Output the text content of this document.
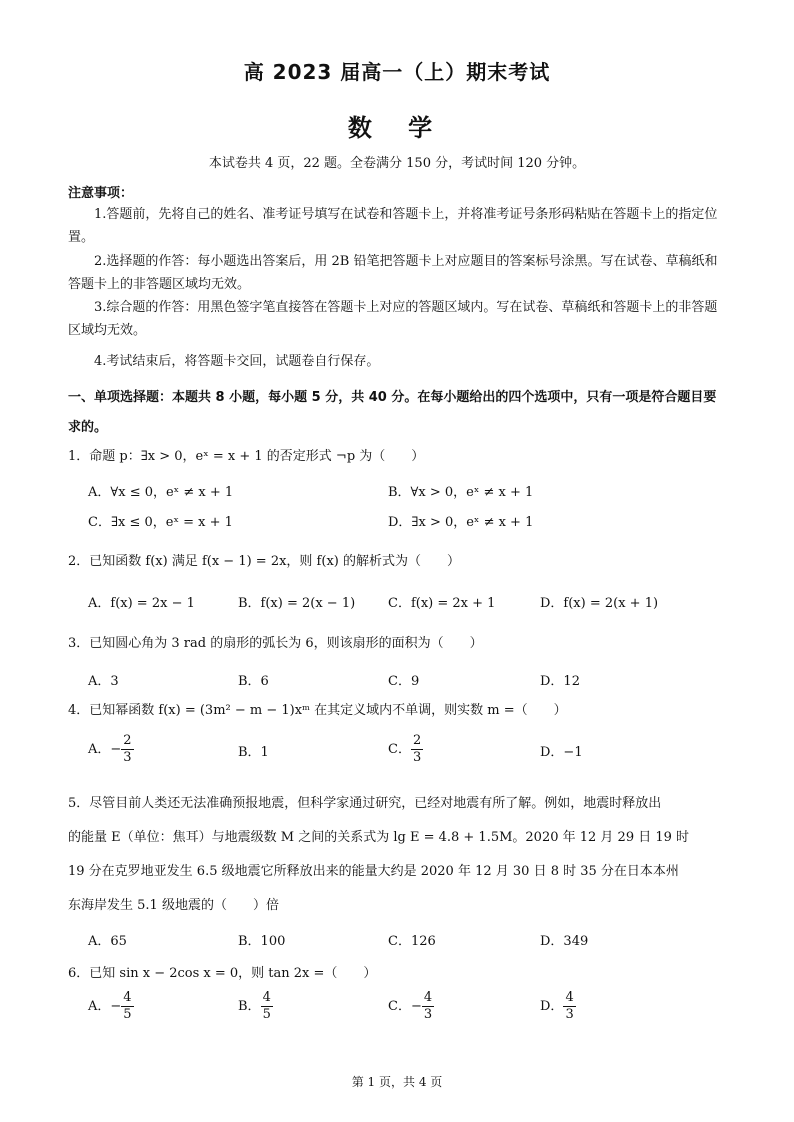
高 2023 届高一（上）期末考试
数 学
本试卷共 4 页，22 题。全卷满分 150 分，考试时间 120 分钟。
注意事项：
1.答题前，先将自己的姓名、准考证号填写在试卷和答题卡上，并将准考证号条形码粘贴在答题卡上的指定位置。
2.选择题的作答：每小题选出答案后，用 2B 铅笔把答题卡上对应题目的答案标号涂黑。写在试卷、草稿纸和答题卡上的非答题区域均无效。
3.综合题的作答：用黑色签字笔直接答在答题卡上对应的答题区域内。写在试卷、草稿纸和答题卡上的非答题区域均无效。
4.考试结束后，将答题卡交回，试题卷自行保存。
一、单项选择题：本题共 8 小题，每小题 5 分，共 40 分。在每小题给出的四个选项中，只有一项是符合题目要求的。
1．命题 p：∃x > 0，eˣ = x + 1 的否定形式 ¬p 为（　　）
A．∀x ≤ 0，eˣ ≠ x + 1	B．∀x > 0，eˣ ≠ x + 1
C．∃x ≤ 0，eˣ = x + 1	D．∃x > 0，eˣ ≠ x + 1
2．已知函数 f(x) 满足 f(x − 1) = 2x，则 f(x) 的解析式为（　　）
A．f(x) = 2x − 1	B．f(x) = 2(x − 1)	C．f(x) = 2x + 1	D．f(x) = 2(x + 1)
3．已知圆心角为 3 rad 的扇形的弧长为 6，则该扇形的面积为（　　）
A．3	B．6	C．9	D．12
4．已知幂函数 f(x) = (3m² − m − 1)xᵐ 在其定义域内不单调，则实数 m =（　　）
A．− $\frac{2}{3}$	B．1	C． $\frac{2}{3}$	D．−1
5．尽管目前人类还无法准确预报地震，但科学家通过研究，已经对地震有所了解。例如，地震时释放出
的能量 E（单位：焦耳）与地震级数 M 之间的关系式为 lg E = 4.8 + 1.5M。2020 年 12 月 29 日 19 时
19 分在克罗地亚发生 6.5 级地震它所释放出来的能量大约是 2020 年 12 月 30 日 8 时 35 分在日本本州
东海岸发生 5.1 级地震的（　　）倍
A．65	B．100	C．126	D．349
6．已知 sin x − 2cos x = 0，则 tan 2x =（　　）
A．− $\frac{4}{5}$	B． $\frac{4}{5}$	C．− $\frac{4}{3}$	D． $\frac{4}{3}$
第 1 页，共 4 页
